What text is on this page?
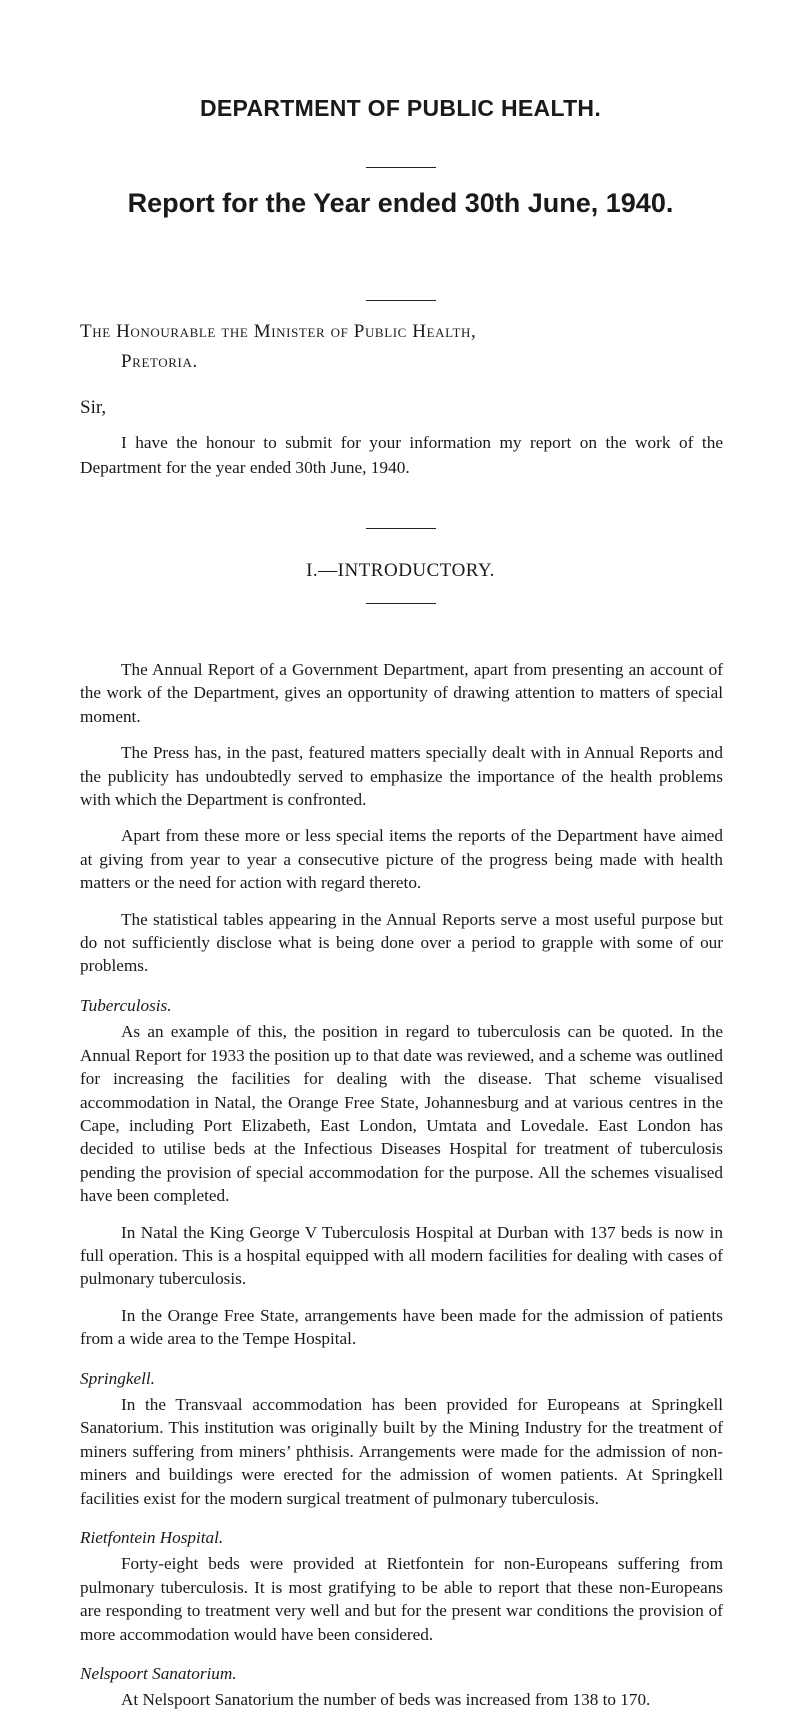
DEPARTMENT OF PUBLIC HEALTH.
Report for the Year ended 30th June, 1940.
The Honourable the Minister of Public Health,
Pretoria.
Sir,
I have the honour to submit for your information my report on the work of the Department for the year ended 30th June, 1940.
I.—INTRODUCTORY.

The Annual Report of a Government Department, apart from presenting an account of the work of the Department, gives an opportunity of drawing attention to matters of special moment.

The Press has, in the past, featured matters specially dealt with in Annual Reports and the publicity has undoubtedly served to emphasize the importance of the health problems with which the Department is confronted.

Apart from these more or less special items the reports of the Department have aimed at giving from year to year a consecutive picture of the progress being made with health matters or the need for action with regard thereto.

The statistical tables appearing in the Annual Reports serve a most useful purpose but do not sufficiently disclose what is being done over a period to grapple with some of our problems.

Tuberculosis.

As an example of this, the position in regard to tuberculosis can be quoted. In the Annual Report for 1933 the position up to that date was reviewed, and a scheme was outlined for increasing the facilities for dealing with the disease. That scheme visualised accommodation in Natal, the Orange Free State, Johannesburg and at various centres in the Cape, including Port Elizabeth, East London, Umtata and Lovedale. East London has decided to utilise beds at the Infectious Diseases Hospital for treatment of tuberculosis pending the provision of special accommodation for the purpose. All the schemes visualised have been completed.

In Natal the King George V Tuberculosis Hospital at Durban with 137 beds is now in full operation. This is a hospital equipped with all modern facilities for dealing with cases of pulmonary tuberculosis.

In the Orange Free State, arrangements have been made for the admission of patients from a wide area to the Tempe Hospital.

Springkell.

In the Transvaal accommodation has been provided for Europeans at Springkell Sanatorium. This institution was originally built by the Mining Industry for the treatment of miners suffering from miners’ phthisis. Arrangements were made for the admission of non-miners and buildings were erected for the admission of women patients. At Springkell facilities exist for the modern surgical treatment of pulmonary tuberculosis.

Rietfontein Hospital.

Forty-eight beds were provided at Rietfontein for non-Europeans suffering from pulmonary tuberculosis. It is most gratifying to be able to report that these non-Europeans are responding to treatment very well and but for the present war conditions the provision of more accommodation would have been considered.

Nelspoort Sanatorium.

At Nelspoort Sanatorium the number of beds was increased from 138 to 170.
